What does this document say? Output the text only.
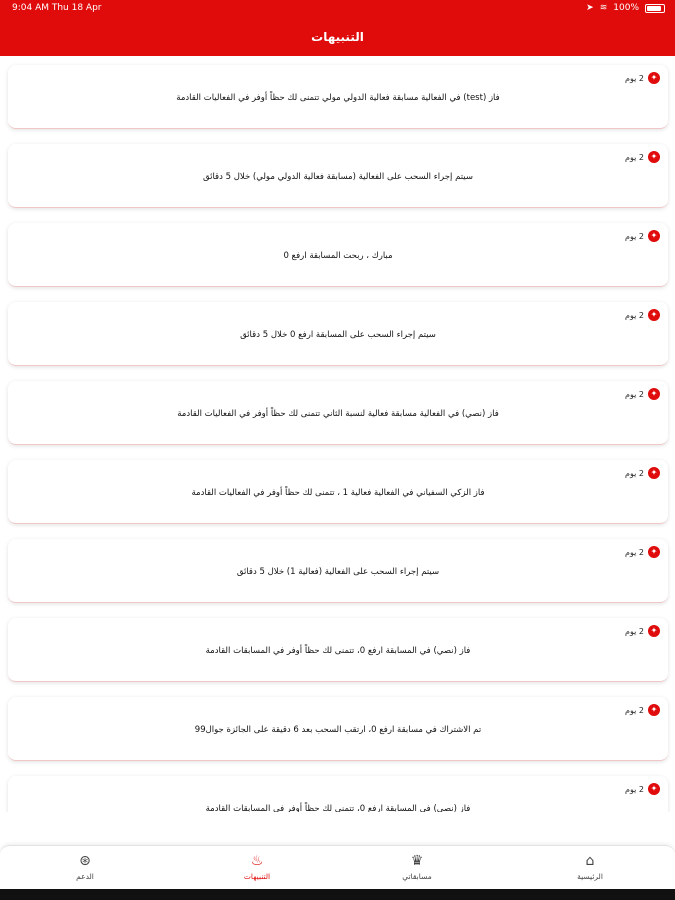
9:04 AM Thu 18 Apr	➤ ≋ 100%
التنبيهات
✦
2 يوم
فاز (test) في الفعالية مسابقة فعالية الدولي مولي تتمنى لك حظاً أوفر في الفعاليات القادمة
✦
2 يوم
سيتم إجراء السحب على الفعالية (مسابقة فعالية الدولي مولي) خلال 5 دقائق
✦
2 يوم
مبارك ، ربحت المسابقة ارفع 0
✦
2 يوم
سيتم إجراء السحب على المسابقة ارفع 0 خلال 5 دقائق
✦
2 يوم
فاز (نصي) في الفعالية مسابقة فعالية لنسبة الثاني تتمنى لك حظاً أوفر في الفعاليات القادمة
✦
2 يوم
فاز الزكي السفياني في الفعالية فعالية 1 ، تتمنى لك حظاً أوفر في الفعاليات القادمة
✦
2 يوم
سيتم إجراء السحب على الفعالية (فعالية 1) خلال 5 دقائق
✦
2 يوم
فاز (نصي) في المسابقة ارفع 0، تتمنى لك حظاً أوفر في المسابقات القادمة
✦
2 يوم
تم الاشتراك في مسابقة ارفع 0، ارتقب السحب بعد 6 دقيقة على الجائزة جوال99
✦
2 يوم
فاز (نصي) في المسابقة ارفع 0، تتمنى لك حظاً أوفر في المسابقات القادمة
⌂
الرئيسية
♛
مسابقاتي
♨
التنبيهات
⊛
الدعم
